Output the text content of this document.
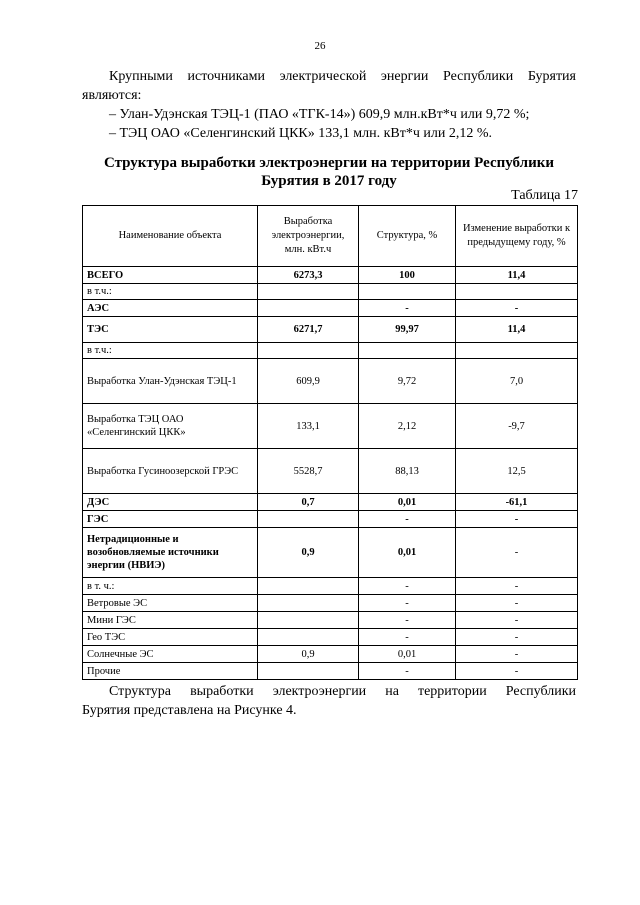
26
Крупными источниками электрической энергии Республики Бурятия
являются:
– Улан-Удэнская ТЭЦ-1 (ПАО «ТГК-14») 609,9 млн.кВт*ч или 9,72 %;
– ТЭЦ ОАО «Селенгинский ЦКК» 133,1 млн. кВт*ч или 2,12 %.
Структура выработки электроэнергии на территории Республики
Бурятия в 2017 году
Таблица 17
Наименование объекта	Выработка электроэнергии, млн. кВт.ч	Структура, %	Изменение выработки к предыдущему году, %
ВСЕГО	6273,3	100	11,4
в т.ч.:			
АЭС		-	-
ТЭС	6271,7	99,97	11,4
в т.ч.:			
Выработка Улан-Удэнская ТЭЦ-1	609,9	9,72	7,0
Выработка ТЭЦ ОАО «Селенгинский ЦКК»	133,1	2,12	-9,7
Выработка Гусиноозерской ГРЭС	5528,7	88,13	12,5
ДЭС	0,7	0,01	-61,1
ГЭС		-	-
Нетрадиционные и возобновляемые источники энергии (НВИЭ)	0,9	0,01	-
в т. ч.:		-	-
Ветровые ЭС		-	-
Мини ГЭС		-	-
Гео ТЭС		-	-
Солнечные ЭС	0,9	0,01	-
Прочие		-	-
Структура выработки электроэнергии на территории Республики
Бурятия представлена на Рисунке 4.
